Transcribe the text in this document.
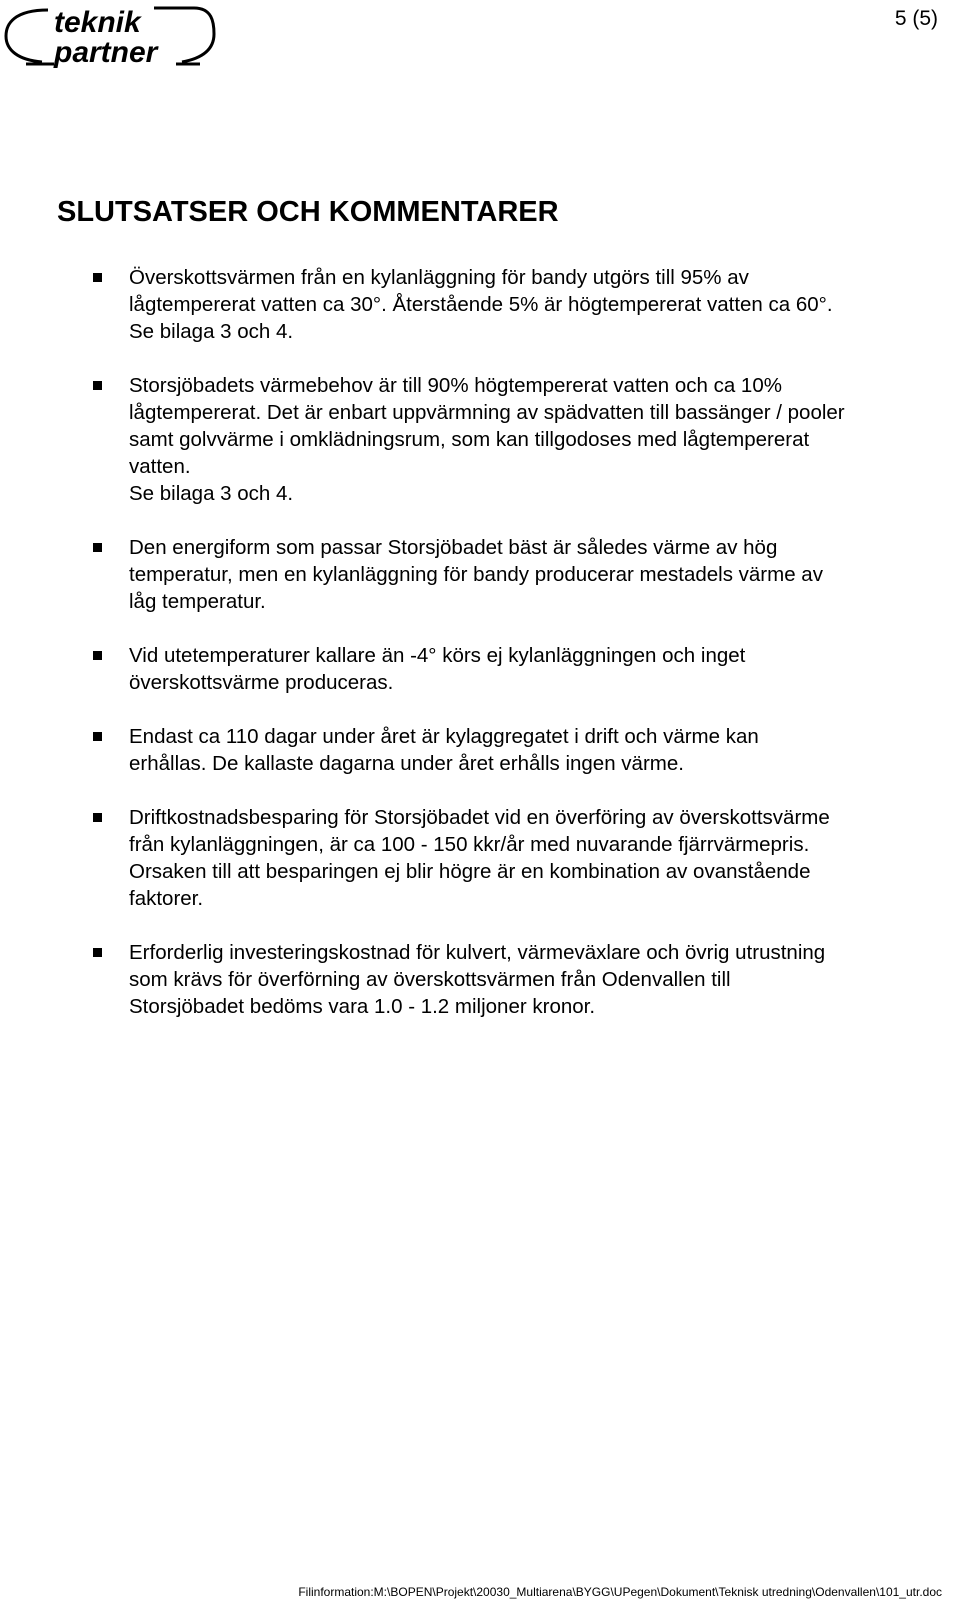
teknik
partner
5 (5)
SLUTSATSER OCH KOMMENTARER
Överskottsvärmen från en kylanläggning för bandy utgörs till 95% av
lågtempererat vatten ca 30°. Återstående 5% är högtempererat vatten ca 60°.
Se bilaga 3 och 4.
Storsjöbadets värmebehov är till 90% högtempererat vatten och ca 10%
lågtempererat. Det är enbart uppvärmning av spädvatten till bassänger / pooler
samt golvvärme i omklädningsrum, som kan tillgodoses med lågtempererat
vatten.
Se bilaga 3 och 4.
Den energiform som passar Storsjöbadet bäst är således värme av hög
temperatur, men en kylanläggning för bandy producerar mestadels värme av
låg temperatur.
Vid utetemperaturer kallare än -4° körs ej kylanläggningen och inget
överskottsvärme produceras.
Endast ca 110 dagar under året är kylaggregatet i drift och värme kan
erhållas. De kallaste dagarna under året erhålls ingen värme.
Driftkostnadsbesparing för Storsjöbadet vid en överföring av överskottsvärme
från kylanläggningen, är ca 100 - 150 kkr/år med nuvarande fjärrvärmepris.
Orsaken till att besparingen ej blir högre är en kombination av ovanstående
faktorer.
Erforderlig investeringskostnad för kulvert, värmeväxlare och övrig utrustning
som krävs för överförning av överskottsvärmen från Odenvallen till
Storsjöbadet bedöms vara 1.0 - 1.2 miljoner kronor.
Filinformation:M:\BOPEN\Projekt\20030_Multiarena\BYGG\UPegen\Dokument\Teknisk utredning\Odenvallen\101_utr.doc
